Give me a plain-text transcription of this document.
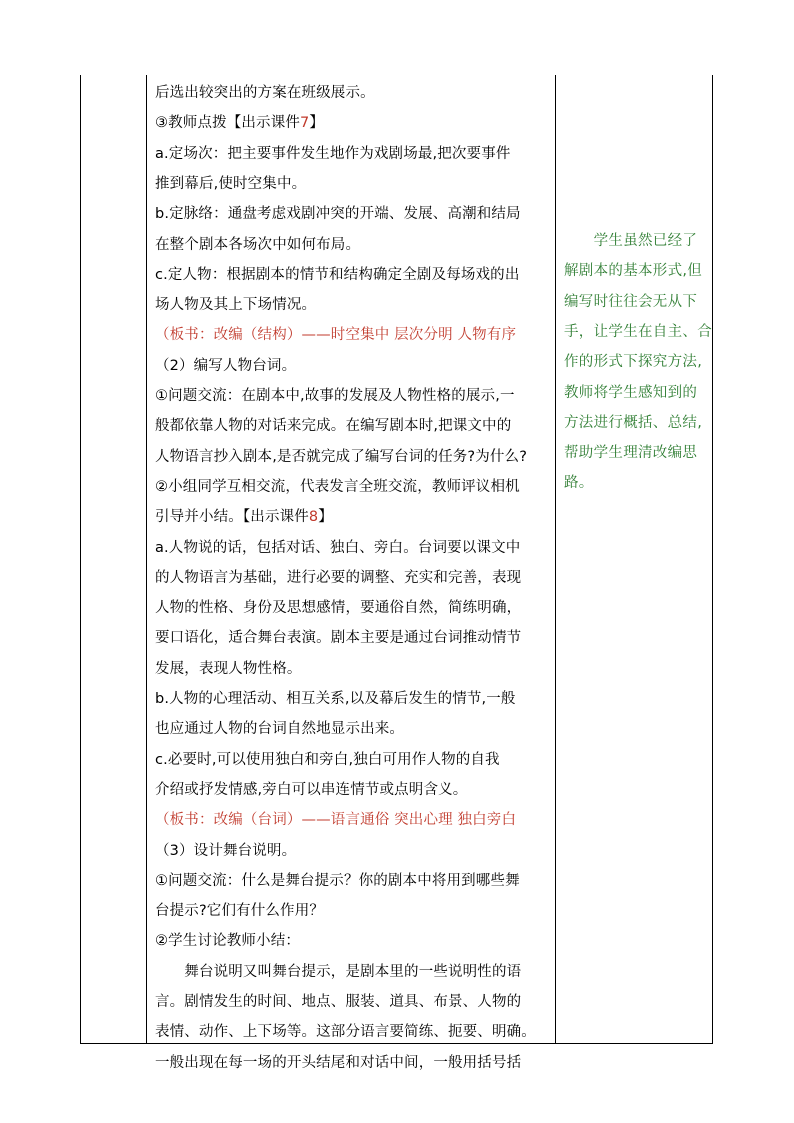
后选出较突出的方案在班级展示。
③教师点拨【出示课件7】
a.定场次：把主要事件发生地作为戏剧场最,把次要事件
推到幕后,使时空集中。
b.定脉络：通盘考虑戏剧冲突的开端、发展、高潮和结局
在整个剧本各场次中如何布局。
c.定人物：根据剧本的情节和结构确定全剧及每场戏的出
场人物及其上下场情况。
（板书：改编（结构）——时空集中 层次分明 人物有序
（2）编写人物台词。
①问题交流：在剧本中,故事的发展及人物性格的展示,一
般都依靠人物的对话来完成。在编写剧本时,把课文中的
人物语言抄入剧本,是否就完成了编写台词的任务?为什么?
②小组同学互相交流，代表发言全班交流，教师评议相机
引导并小结。【出示课件8】
a.人物说的话，包括对话、独白、旁白。台词要以课文中
的人物语言为基础，进行必要的调整、充实和完善，表现
人物的性格、身份及思想感情，要通俗自然，简练明确，
要口语化，适合舞台表演。剧本主要是通过台词推动情节
发展，表现人物性格。
b.人物的心理活动、相互关系,以及幕后发生的情节,一般
也应通过人物的台词自然地显示出来。
c.必要时,可以使用独白和旁白,独白可用作人物的自我
介绍或抒发情感,旁白可以串连情节或点明含义。
（板书：改编（台词）——语言通俗 突出心理 独白旁白
（3）设计舞台说明。
①问题交流：什么是舞台提示？你的剧本中将用到哪些舞
台提示?它们有什么作用？
②学生讨论教师小结：
　　舞台说明又叫舞台提示，是剧本里的一些说明性的语
言。剧情发生的时间、地点、服装、道具、布景、人物的
表情、动作、上下场等。这部分语言要简练、扼要、明确。
一般出现在每一场的开头结尾和对话中间，一般用括号括
　　学生虽然已经了
解剧本的基本形式,但
编写时往往会无从下
手，让学生在自主、合
作的形式下探究方法,
教师将学生感知到的
方法进行概括、总结,
帮助学生理清改编思
路。
